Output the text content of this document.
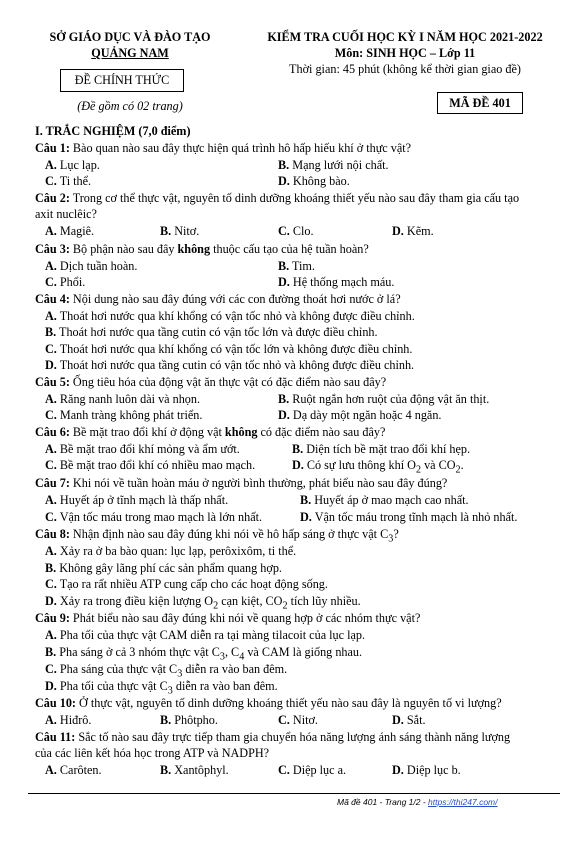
SỞ GIÁO DỤC VÀ ĐÀO TẠO
QUẢNG NAM
ĐỀ CHÍNH THỨC
(Đề gồm có 02 trang)
KIỂM TRA CUỐI HỌC KỲ I NĂM HỌC 2021-2022
Môn: SINH HỌC – Lớp 11
Thời gian: 45 phút (không kể thời gian giao đề)
MÃ ĐỀ 401
I. TRẮC NGHIỆM (7,0 điểm)
Câu 1: Bào quan nào sau đây thực hiện quá trình hô hấp hiếu khí ở thực vật?
A. Lục lạp.	B. Mạng lưới nội chất.
C. Ti thể.	D. Không bào.
Câu 2: Trong cơ thể thực vật, nguyên tố dinh dưỡng khoáng thiết yếu nào sau đây tham gia cấu tạo
axit nuclêic?
A. Magiê.	B. Nitơ.	C. Clo.	D. Kẽm.
Câu 3: Bộ phận nào sau đây không thuộc cấu tạo của hệ tuần hoàn?
A. Dịch tuần hoàn.	B. Tim.
C. Phổi.	D. Hệ thống mạch máu.
Câu 4: Nội dung nào sau đây đúng với các con đường thoát hơi nước ở lá?
A. Thoát hơi nước qua khí khổng có vận tốc nhỏ và không được điều chỉnh.
B. Thoát hơi nước qua tầng cutin có vận tốc lớn và được điều chỉnh.
C. Thoát hơi nước qua khí khổng có vận tốc lớn và không được điều chỉnh.
D. Thoát hơi nước qua tầng cutin có vận tốc nhỏ và không được điều chỉnh.
Câu 5: Ống tiêu hóa của động vật ăn thực vật có đặc điểm nào sau đây?
A. Răng nanh luôn dài và nhọn.	B. Ruột ngắn hơn ruột của động vật ăn thịt.
C. Manh tràng không phát triển.	D. Dạ dày một ngăn hoặc 4 ngăn.
Câu 6: Bề mặt trao đổi khí ở động vật không có đặc điểm nào sau đây?
A. Bề mặt trao đổi khí mỏng và ẩm ướt.	B. Diện tích bề mặt trao đổi khí hẹp.
C. Bề mặt trao đổi khí có nhiều mao mạch.	D. Có sự lưu thông khí $O_2$ và $CO_2$.
Câu 7: Khi nói về tuần hoàn máu ở người bình thường, phát biểu nào sau đây đúng?
A. Huyết áp ở tĩnh mạch là thấp nhất.	B. Huyết áp ở mao mạch cao nhất.
C. Vận tốc máu trong mao mạch là lớn nhất.	D. Vận tốc máu trong tĩnh mạch là nhỏ nhất.
Câu 8: Nhận định nào sau đây đúng khi nói về hô hấp sáng ở thực vật $C_3$?
A. Xảy ra ở ba bào quan: lục lạp, perôxixôm, ti thể.
B. Không gây lãng phí các sản phẩm quang hợp.
C. Tạo ra rất nhiều ATP cung cấp cho các hoạt động sống.
D. Xảy ra trong điều kiện lượng $O_2$ cạn kiệt, $CO_2$ tích lũy nhiều.
Câu 9: Phát biểu nào sau đây đúng khi nói về quang hợp ở các nhóm thực vật?
A. Pha tối của thực vật CAM diễn ra tại màng tilacoit của lục lạp.
B. Pha sáng ở cả 3 nhóm thực vật $C_3$, $C_4$ và CAM là giống nhau.
C. Pha sáng của thực vật $C_3$ diễn ra vào ban đêm.
D. Pha tối của thực vật $C_3$ diễn ra vào ban đêm.
Câu 10: Ở thực vật, nguyên tố dinh dưỡng khoáng thiết yếu nào sau đây là nguyên tố vi lượng?
A. Hiđrô.	B. Phôtpho.	C. Nitơ.	D. Sắt.
Câu 11: Sắc tố nào sau đây trực tiếp tham gia chuyển hóa năng lượng ánh sáng thành năng lượng
của các liên kết hóa học trong ATP và NADPH?
A. Carôten.	B. Xantôphyl.	C. Diệp lục a.	D. Diệp lục b.
Mã đề 401 - Trang 1/2 - https://thi247.com/
